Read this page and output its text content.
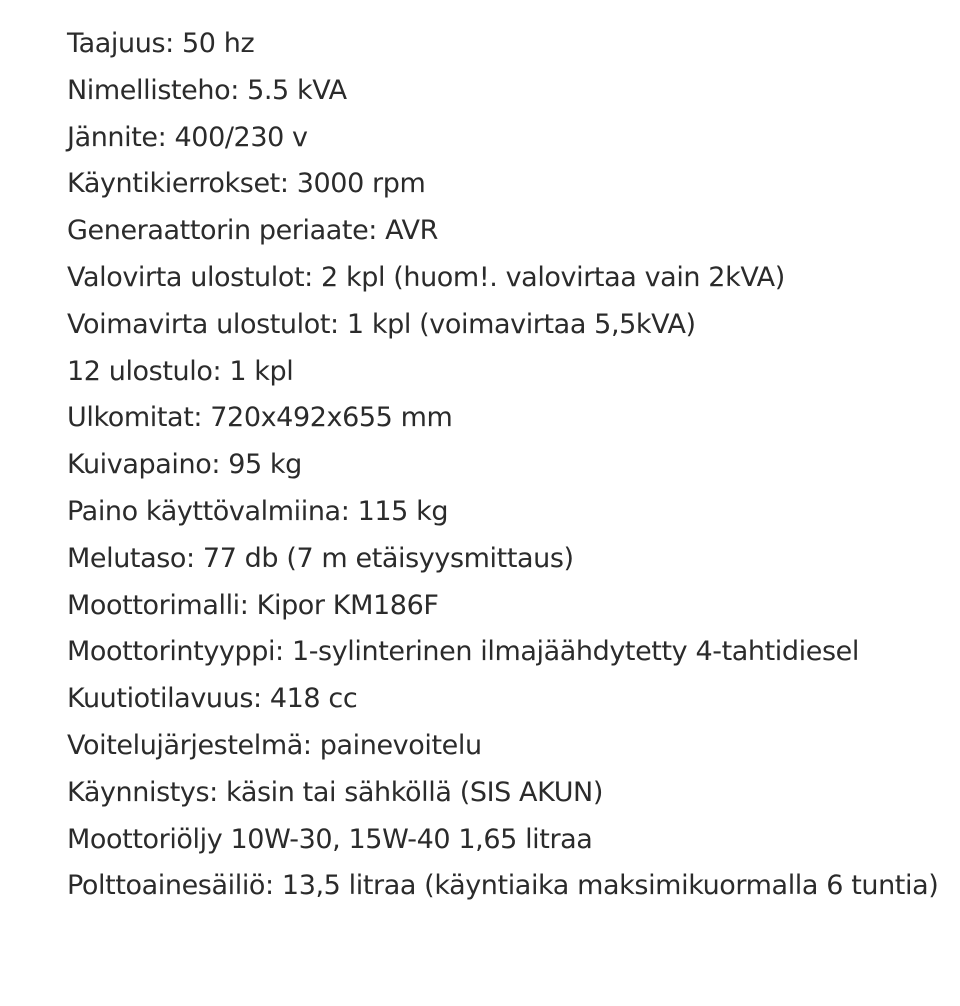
Taajuus: 50 hz

Nimellisteho: 5.5 kVA

Jännite: 400/230 v

Käyntikierrokset: 3000 rpm

Generaattorin periaate: AVR

Valovirta ulostulot: 2 kpl (huom!. valovirtaa vain 2kVA)

Voimavirta ulostulot: 1 kpl (voimavirtaa 5,5kVA)

12 ulostulo: 1 kpl

Ulkomitat: 720x492x655 mm

Kuivapaino: 95 kg

Paino käyttövalmiina: 115 kg

Melutaso: 77 db (7 m etäisyysmittaus)

Moottorimalli: Kipor KM186F

Moottorintyyppi: 1-sylinterinen ilmajäähdytetty 4-tahtidiesel

Kuutiotilavuus: 418 cc

Voitelujärjestelmä: painevoitelu

Käynnistys: käsin tai sähköllä (SIS AKUN)

Moottoriöljy 10W-30, 15W-40 1,65 litraa

Polttoainesäiliö: 13,5 litraa (käyntiaika maksimikuormalla 6 tuntia)
